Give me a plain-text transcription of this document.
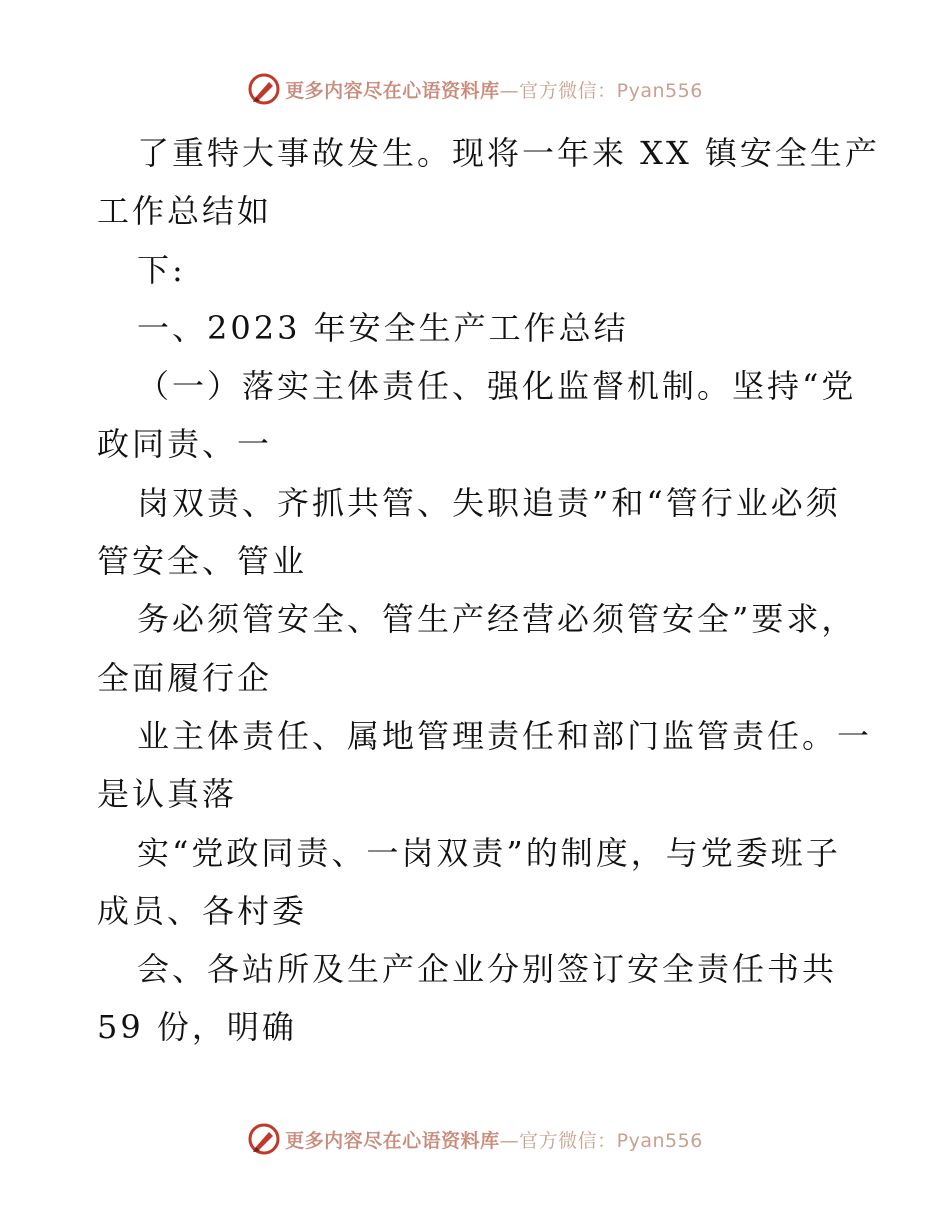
更多内容尽在心语资料库—官方微信：Pyan556
了重特大事故发生。现将一年来 XX 镇安全生产
工作总结如
下:
一、2023 年安全生产工作总结
（一）落实主体责任、强化监督机制。坚持“党
政同责、一
岗双责、齐抓共管、失职追责”和“管行业必须
管安全、管业
务必须管安全、管生产经营必须管安全”要求，
全面履行企
业主体责任、属地管理责任和部门监管责任。一
是认真落
实“党政同责、一岗双责”的制度，与党委班子
成员、各村委
会、各站所及生产企业分别签订安全责任书共
59 份，明确
更多内容尽在心语资料库—官方微信：Pyan556
